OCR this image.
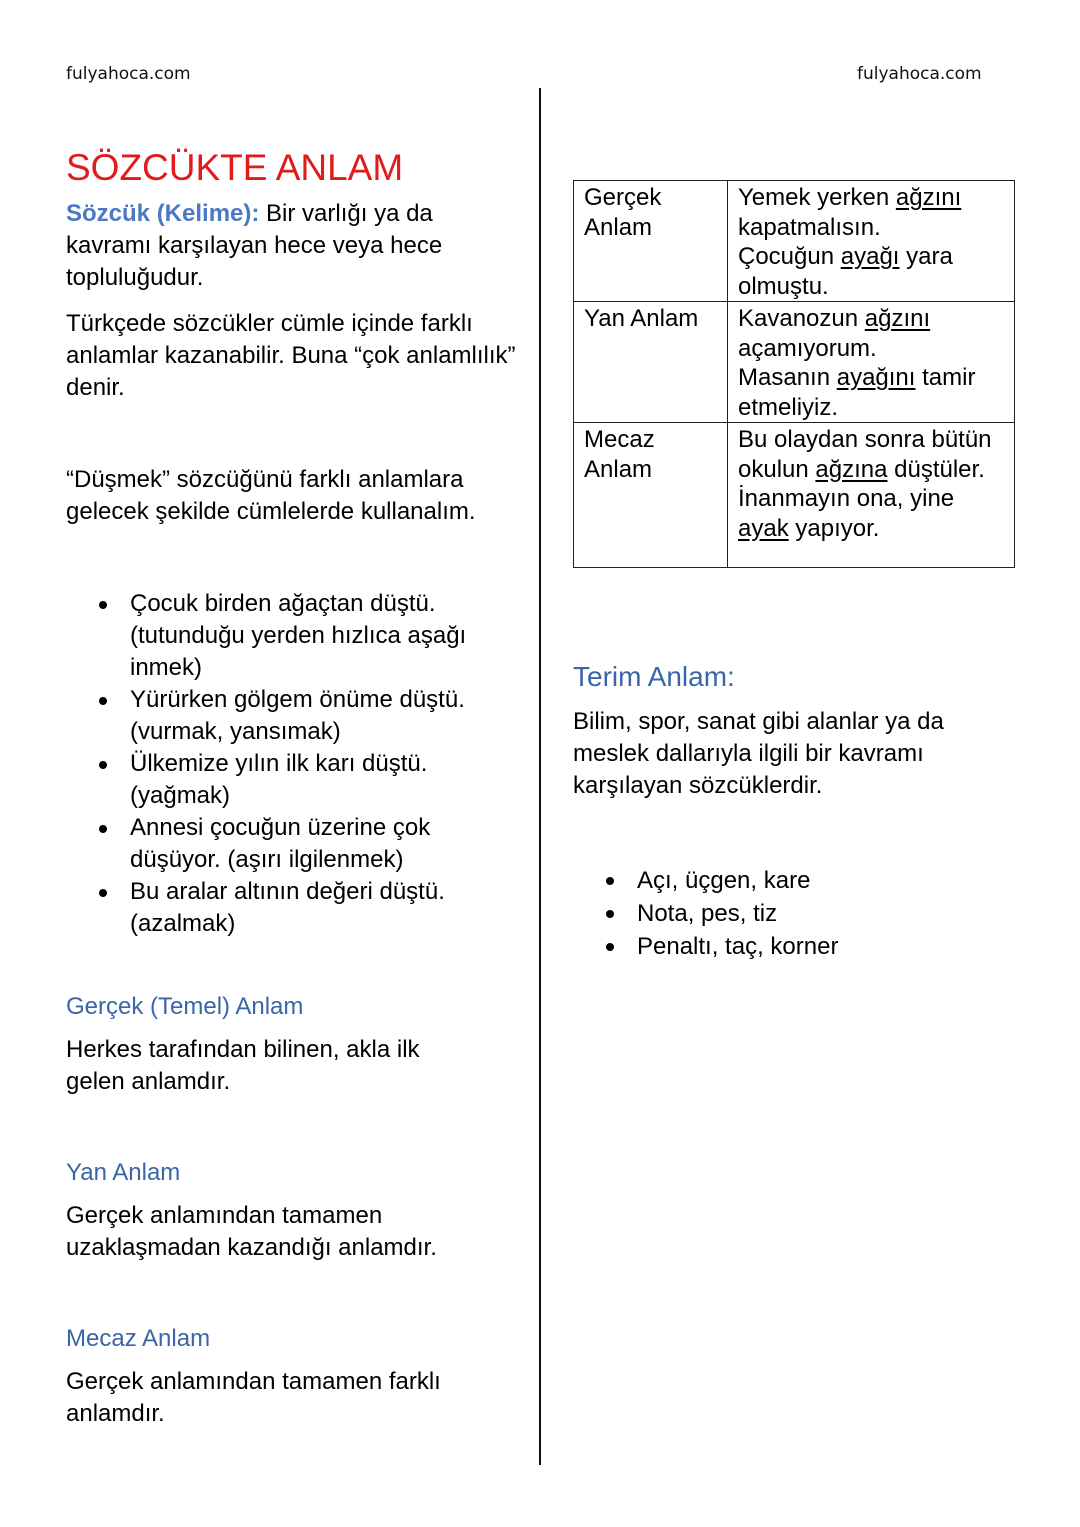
fulyahoca.com	fulyahoca.com
SÖZCÜKTE ANLAM

Sözcük (Kelime): Bir varlığı ya da kavramı karşılayan hece veya hece topluluğudur.

Türkçede sözcükler cümle içinde farklı anlamlar kazanabilir. Buna “çok anlamlılık” denir.

“Düşmek” sözcüğünü farklı anlamlara gelecek şekilde cümlelerde kullanalım.

Çocuk birden ağaçtan düştü. (tutunduğu yerden hızlıca aşağı inmek)
Yürürken gölgem önüme düştü. (vurmak, yansımak)
Ülkemize yılın ilk karı düştü. (yağmak)
Annesi çocuğun üzerine çok düşüyor. (aşırı ilgilenmek)
Bu aralar altının değeri düştü. (azalmak)
Gerçek (Temel) Anlam

Herkes tarafından bilinen, akla ilk gelen anlamdır.

Yan Anlam

Gerçek anlamından tamamen uzaklaşmadan kazandığı anlamdır.

Mecaz Anlam

Gerçek anlamından tamamen farklı anlamdır.

Gerçek Anlam	Yemek yerken ağzını kapatmalısın.
Çocuğun ayağı yara olmuştu.
Yan Anlam	Kavanozun ağzını açamıyorum.
Masanın ayağını tamir etmeliyiz.
Mecaz Anlam	Bu olaydan sonra bütün okulun ağzına düştüler.
İnanmayın ona, yine ayak yapıyor.
Terim Anlam:

Bilim, spor, sanat gibi alanlar ya da meslek dallarıyla ilgili bir kavramı karşılayan sözcüklerdir.

Açı, üçgen, kare
Nota, pes, tiz
Penaltı, taç, korner
